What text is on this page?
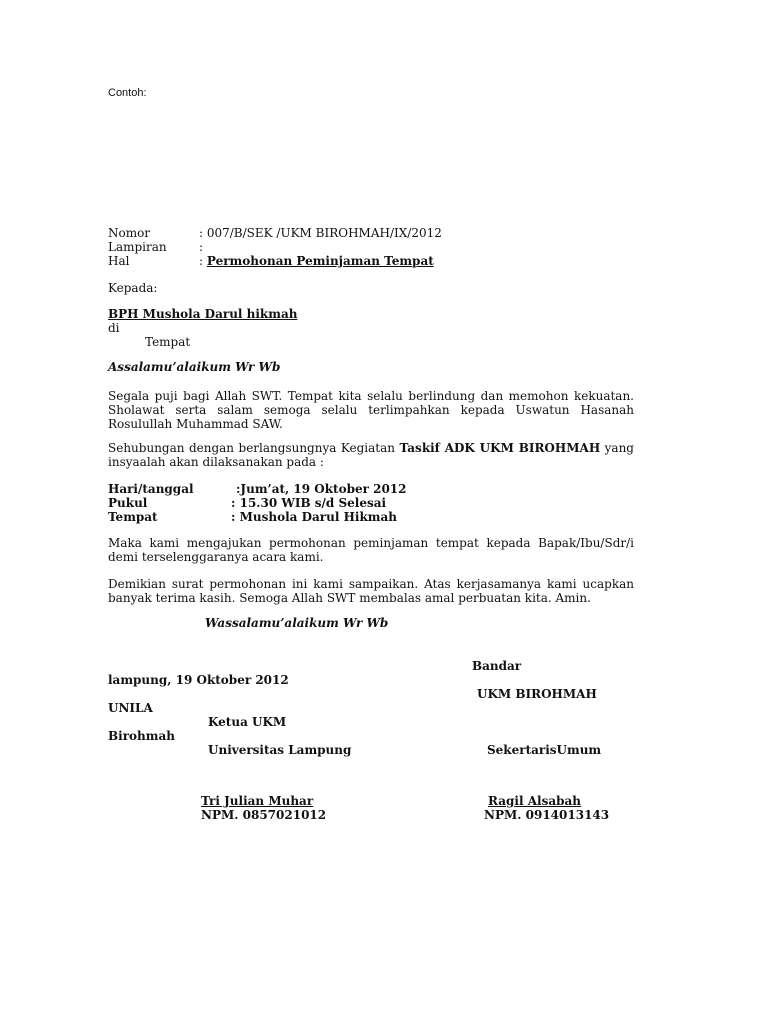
Contoh:
Nomor	: 007/B/SEK /UKM BIROHMAH/IX/2012
Lampiran	:
Hal	: Permohonan Peminjaman Tempat
Kepada:
BPH Mushola Darul hikmah
di
Tempat
Assalamu’alaikum Wr Wb
Segala puji bagi Allah SWT. Tempat kita selalu berlindung dan memohon kekuatan. Sholawat serta salam semoga selalu terlimpahkan kepada Uswatun Hasanah Rosulullah Muhammad SAW.
Sehubungan dengan berlangsungnya Kegiatan Taskif ADK UKM BIROHMAH yang insyaalah akan dilaksanakan pada :
Hari/tanggal	:Jum’at, 19 Oktober 2012
Pukul	: 15.30 WIB s/d Selesai
Tempat	: Mushola Darul Hikmah
Maka kami mengajukan permohonan peminjaman tempat kepada Bapak/Ibu/Sdr/i demi terselenggaranya acara kami.
Demikian surat permohonan ini kami sampaikan. Atas kerjasamanya kami ucapkan banyak terima kasih. Semoga Allah SWT membalas amal perbuatan kita. Amin.
Wassalamu’alaikum Wr Wb
Bandar
lampung, 19 Oktober 2012
UKM BIROHMAH
UNILA
Ketua UKM
Birohmah
Universitas Lampung	SekertarisUmum
Tri Julian Muhar
NPM. 0857021012
Ragil Alsabah
NPM. 0914013143
